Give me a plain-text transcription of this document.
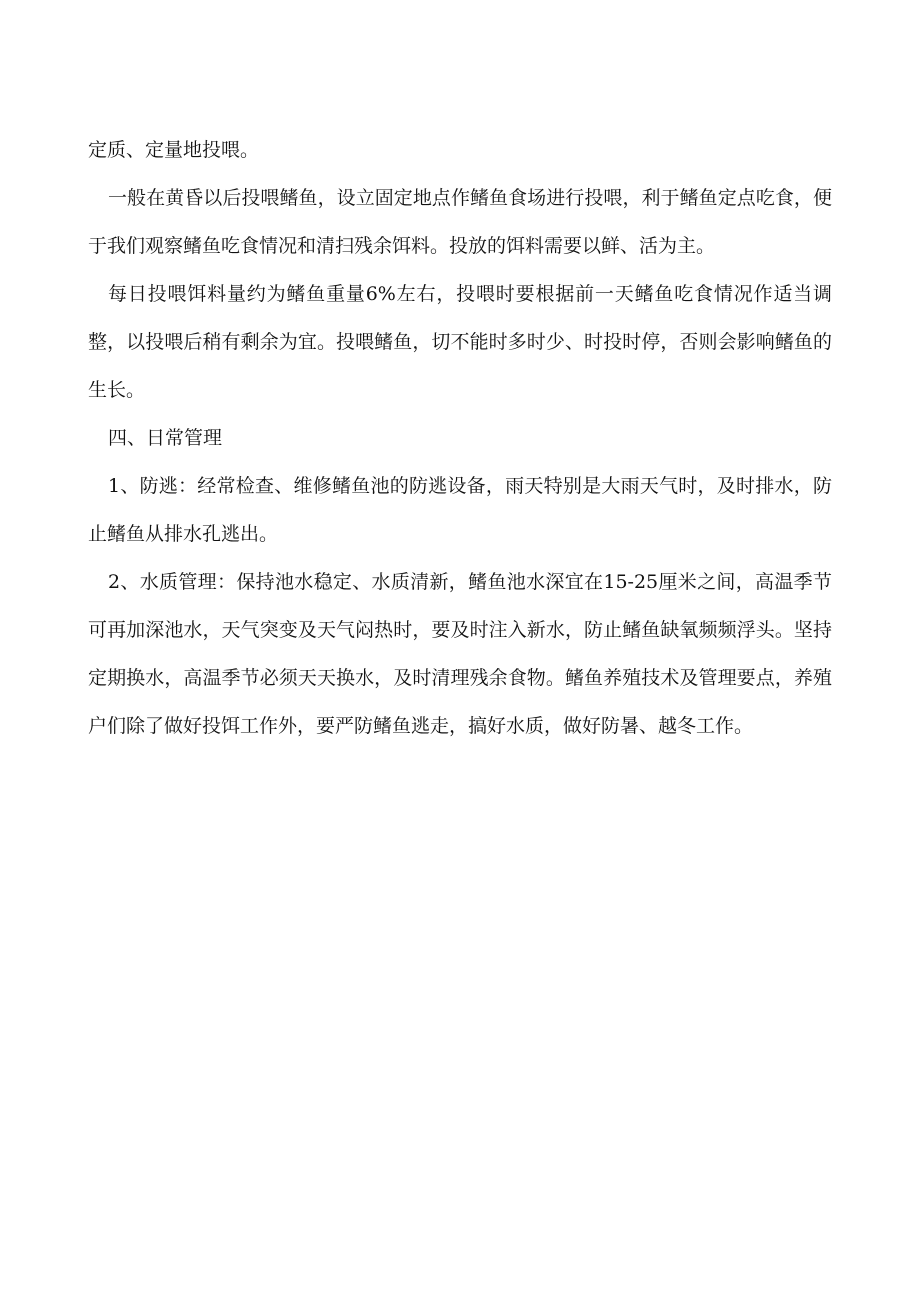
定质、定量地投喂。

一般在黄昏以后投喂鳍鱼，设立固定地点作鳍鱼食场进行投喂，利于鳍鱼定点吃食，便于我们观察鳍鱼吃食情况和清扫残余饵料。投放的饵料需要以鲜、活为主。

每日投喂饵料量约为鳍鱼重量6%左右，投喂时要根据前一天鳍鱼吃食情况作适当调整，以投喂后稍有剩余为宜。投喂鳍鱼，切不能时多时少、时投时停，否则会影响鳍鱼的生长。

四、日常管理

1、防逃：经常检查、维修鳍鱼池的防逃设备，雨天特别是大雨天气时，及时排水，防止鳍鱼从排水孔逃出。

2、水质管理：保持池水稳定、水质清新，鳍鱼池水深宜在15-25厘米之间，高温季节可再加深池水，天气突变及天气闷热时，要及时注入新水，防止鳍鱼缺氧频频浮头。坚持定期换水，高温季节必须天天换水，及时清理残余食物。鳍鱼养殖技术及管理要点，养殖户们除了做好投饵工作外，要严防鳍鱼逃走，搞好水质，做好防暑、越冬工作。
